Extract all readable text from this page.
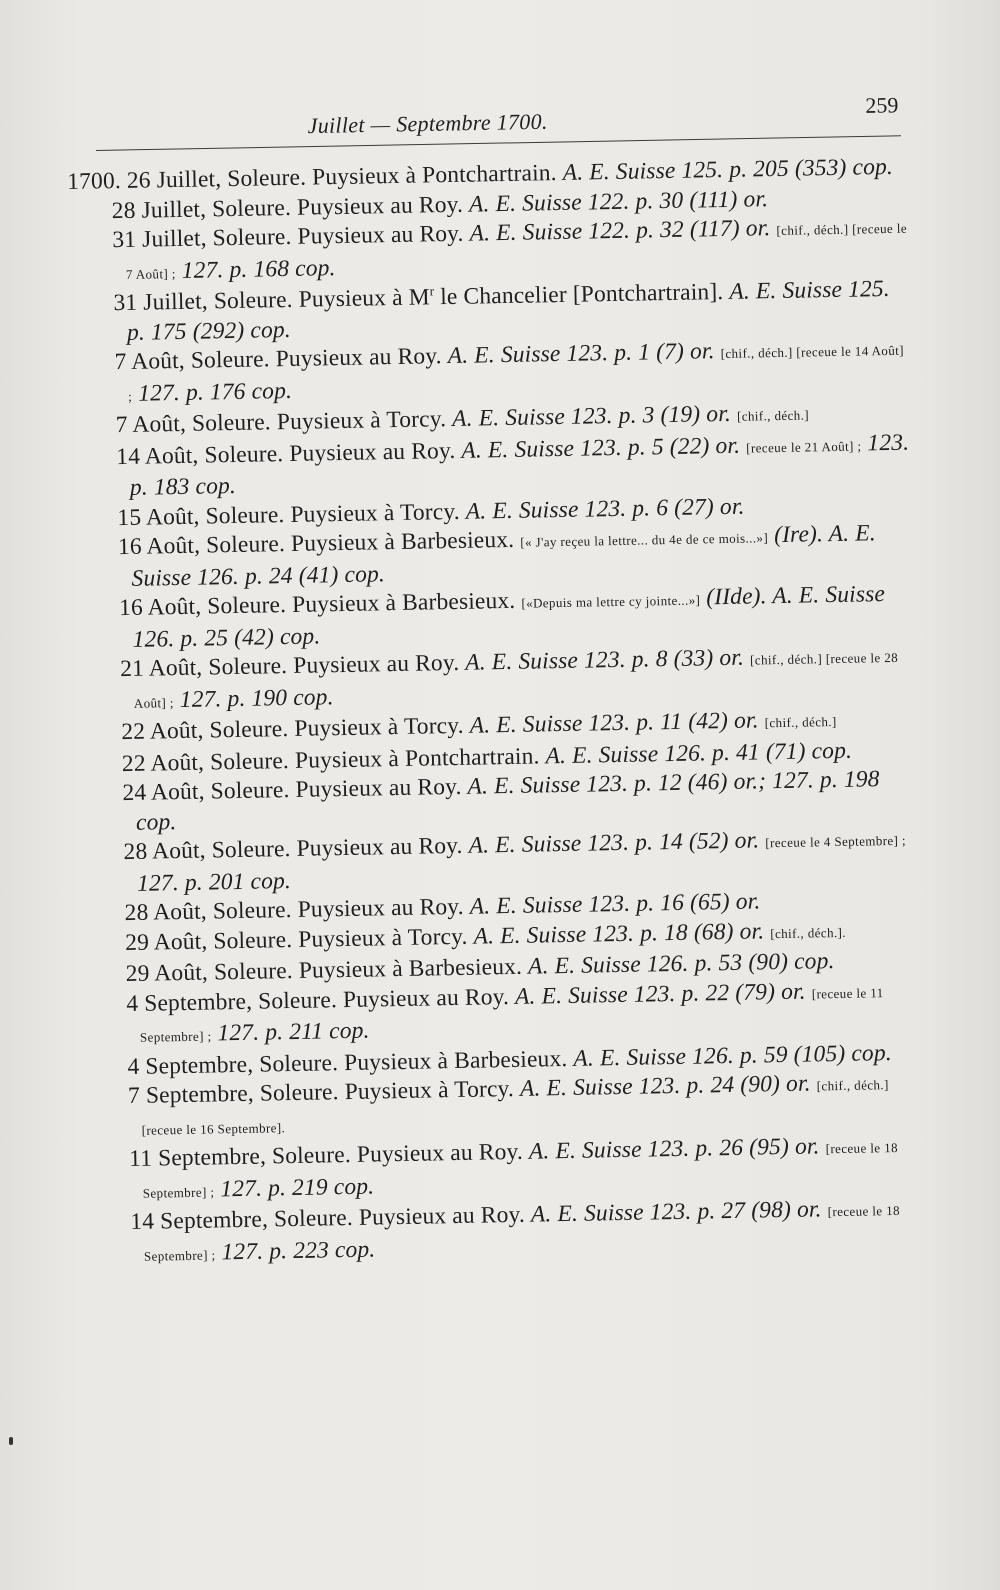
Juillet — Septembre 1700.
259
1700. 26 Juillet, Soleure. Puysieux à Pontchartrain. A. E. Suisse 125. p. 205 (353) cop.
28 Juillet, Soleure. Puysieux au Roy. A. E. Suisse 122. p. 30 (111) or.
31 Juillet, Soleure. Puysieux au Roy. A. E. Suisse 122. p. 32 (117) or. [chif., déch.] [receue le 7 Août] ; 127. p. 168 cop.
31 Juillet, Soleure. Puysieux à $M^r$ le Chancelier [Pontchartrain]. A. E. Suisse 125. p. 175 (292) cop.
7 Août, Soleure. Puysieux au Roy. A. E. Suisse 123. p. 1 (7) or. [chif., déch.] [receue le 14 Août] ; 127. p. 176 cop.
7 Août, Soleure. Puysieux à Torcy. A. E. Suisse 123. p. 3 (19) or. [chif., déch.]
14 Août, Soleure. Puysieux au Roy. A. E. Suisse 123. p. 5 (22) or. [receue le 21 Août] ; 123. p. 183 cop.
15 Août, Soleure. Puysieux à Torcy. A. E. Suisse 123. p. 6 (27) or.
16 Août, Soleure. Puysieux à Barbesieux. [« J'ay reçeu la lettre... du 4e de ce mois...»] (Ire). A. E. Suisse 126. p. 24 (41) cop.
16 Août, Soleure. Puysieux à Barbesieux. [«Depuis ma lettre cy jointe...»] (IIde). A. E. Suisse 126. p. 25 (42) cop.
21 Août, Soleure. Puysieux au Roy. A. E. Suisse 123. p. 8 (33) or. [chif., déch.] [receue le 28 Août] ; 127. p. 190 cop.
22 Août, Soleure. Puysieux à Torcy. A. E. Suisse 123. p. 11 (42) or. [chif., déch.]
22 Août, Soleure. Puysieux à Pontchartrain. A. E. Suisse 126. p. 41 (71) cop.
24 Août, Soleure. Puysieux au Roy. A. E. Suisse 123. p. 12 (46) or.; 127. p. 198 cop.
28 Août, Soleure. Puysieux au Roy. A. E. Suisse 123. p. 14 (52) or. [receue le 4 Septembre] ; 127. p. 201 cop.
28 Août, Soleure. Puysieux au Roy. A. E. Suisse 123. p. 16 (65) or.
29 Août, Soleure. Puysieux à Torcy. A. E. Suisse 123. p. 18 (68) or. [chif., déch.].
29 Août, Soleure. Puysieux à Barbesieux. A. E. Suisse 126. p. 53 (90) cop.
4 Septembre, Soleure. Puysieux au Roy. A. E. Suisse 123. p. 22 (79) or. [receue le 11 Septembre] ; 127. p. 211 cop.
4 Septembre, Soleure. Puysieux à Barbesieux. A. E. Suisse 126. p. 59 (105) cop.
7 Septembre, Soleure. Puysieux à Torcy. A. E. Suisse 123. p. 24 (90) or. [chif., déch.] [receue le 16 Septembre].
11 Septembre, Soleure. Puysieux au Roy. A. E. Suisse 123. p. 26 (95) or. [receue le 18 Septembre] ; 127. p. 219 cop.
14 Septembre, Soleure. Puysieux au Roy. A. E. Suisse 123. p. 27 (98) or. [receue le 18 Septembre] ; 127. p. 223 cop.
